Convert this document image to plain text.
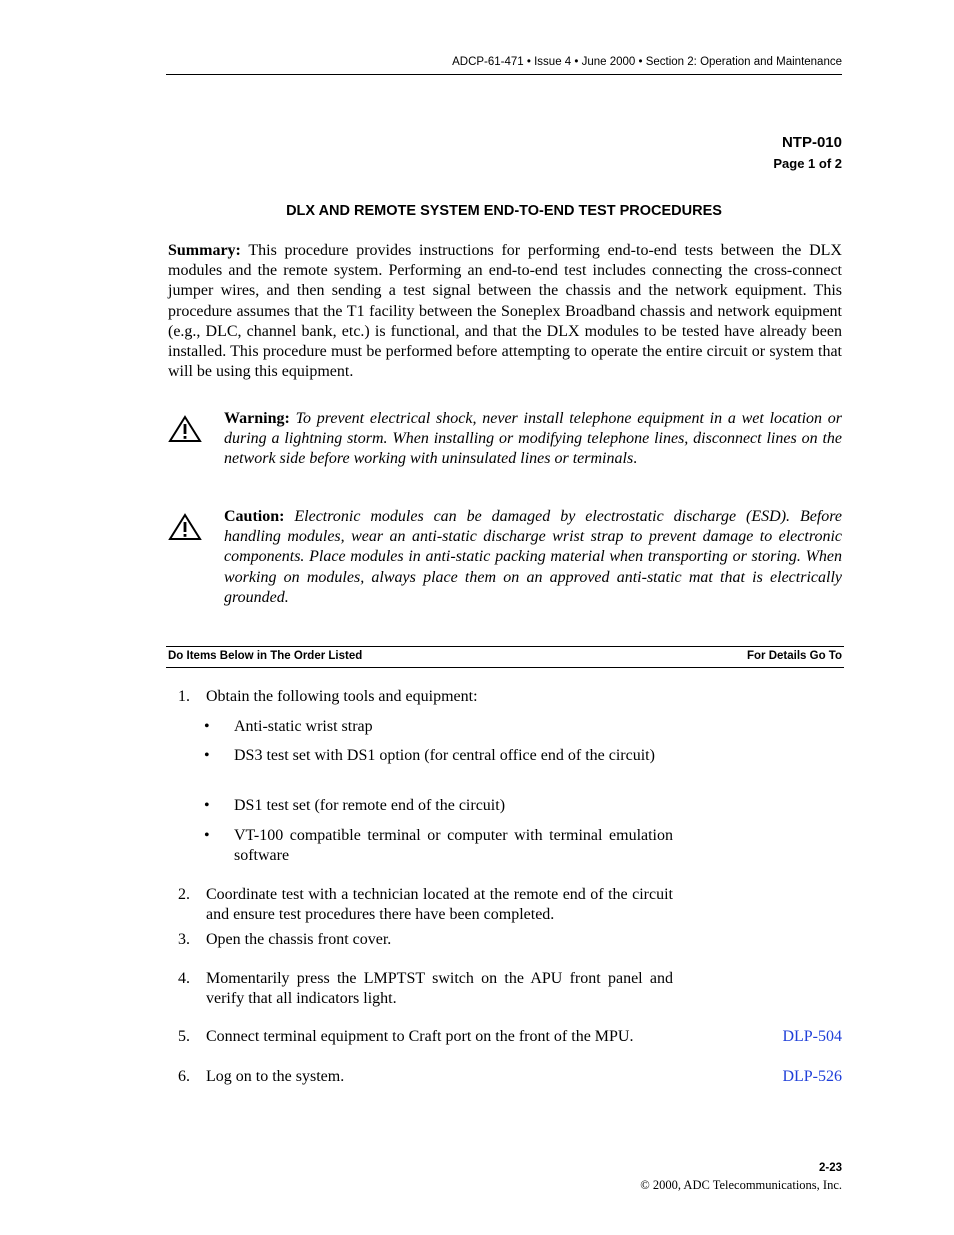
ADCP-61-471 • Issue 4 • June 2000 • Section 2: Operation and Maintenance
NTP-010
Page 1 of 2
DLX AND REMOTE SYSTEM END-TO-END TEST PROCEDURES
Summary: This procedure provides instructions for performing end-to-end tests between the DLX modules and the remote system. Performing an end-to-end test includes connecting the cross-connect jumper wires, and then sending a test signal between the chassis and the network equipment. This procedure assumes that the T1 facility between the Soneplex Broadband chassis and network equipment (e.g., DLC, channel bank, etc.) is functional, and that the DLX modules to be tested have already been installed. This procedure must be performed before attempting to operate the entire circuit or system that will be using this equipment.
Warning: To prevent electrical shock, never install telephone equipment in a wet location or during a lightning storm. When installing or modifying telephone lines, disconnect lines on the network side before working with uninsulated lines or terminals.
Caution: Electronic modules can be damaged by electrostatic discharge (ESD). Before handling modules, wear an anti-static discharge wrist strap to prevent damage to electronic components. Place modules in anti-static packing material when transporting or storing. When working on modules, always place them on an approved anti-static mat that is electrically grounded.
Do Items Below in The Order Listed	For Details Go To
1. Obtain the following tools and equipment:
• Anti-static wrist strap
• DS3 test set with DS1 option (for central office end of the circuit)
• DS1 test set (for remote end of the circuit)
• VT-100 compatible terminal or computer with terminal emulation software
2. Coordinate test with a technician located at the remote end of the circuit and ensure test procedures there have been completed.
3. Open the chassis front cover.
4. Momentarily press the LMPTST switch on the APU front panel and verify that all indicators light.
5. Connect terminal equipment to Craft port on the front of the MPU.	DLP-504
6. Log on to the system.	DLP-526
2-23
© 2000, ADC Telecommunications, Inc.
